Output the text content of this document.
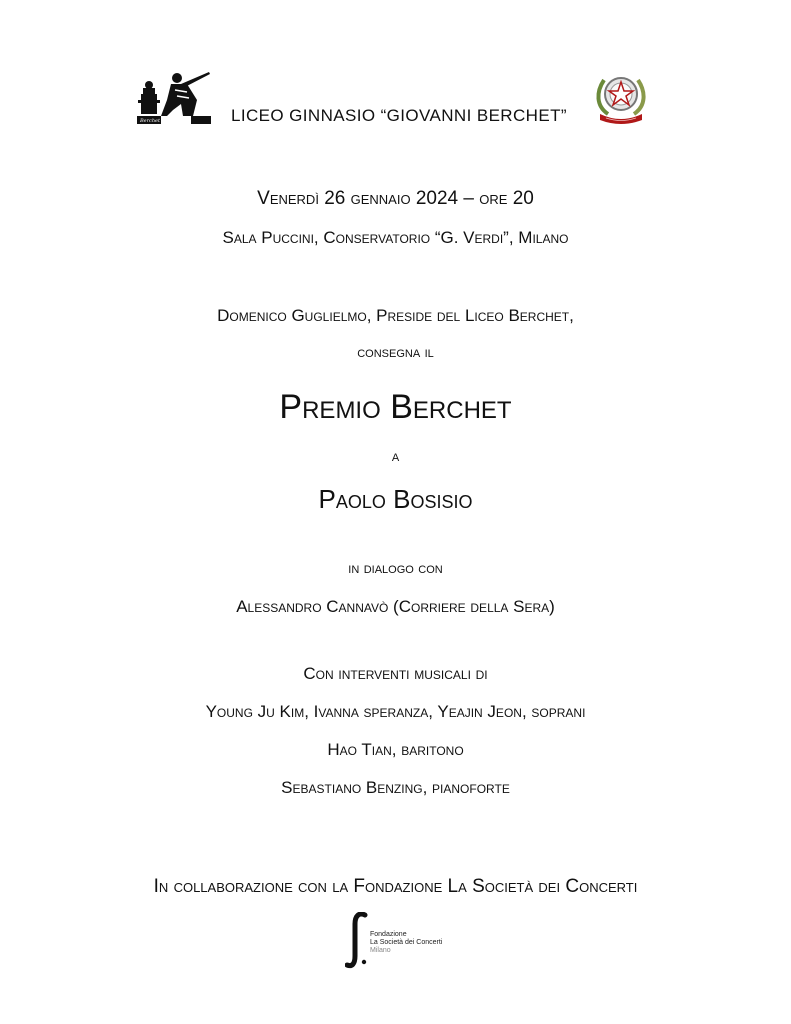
Berchet	LICEO GINNASIO “GIOVANNI BERCHET”
Venerdì 26 gennaio 2024 – ore 20
Sala Puccini, Conservatorio “G. Verdi”, Milano
Domenico Guglielmo, Preside del Liceo Berchet,
consegna il
Premio Berchet
a
Paolo Bosisio
in dialogo con
Alessandro Cannavò (Corriere della Sera)
Con interventi musicali di
Young Ju Kim, Ivanna speranza, Yeajin Jeon, soprani
Hao Tian, baritono
Sebastiano Benzing, pianoforte
In collaborazione con la Fondazione La Società dei Concerti
Fondazione
La Società dei Concerti
Milano
